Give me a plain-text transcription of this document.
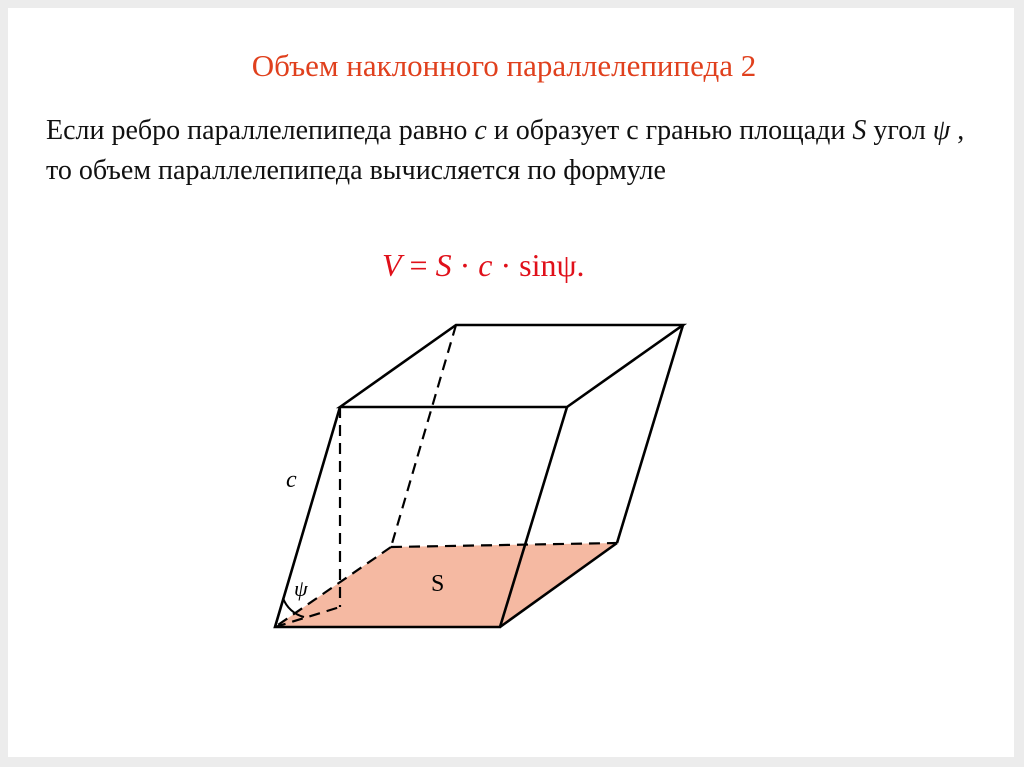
Объем наклонного параллелепипеда 2
Если ребро параллелепипеда равно c и образует с гранью площади S угол ψ , то объем параллелепипеда вычисляется по формуле
V = S · c · sinψ.
c
ψ	S
